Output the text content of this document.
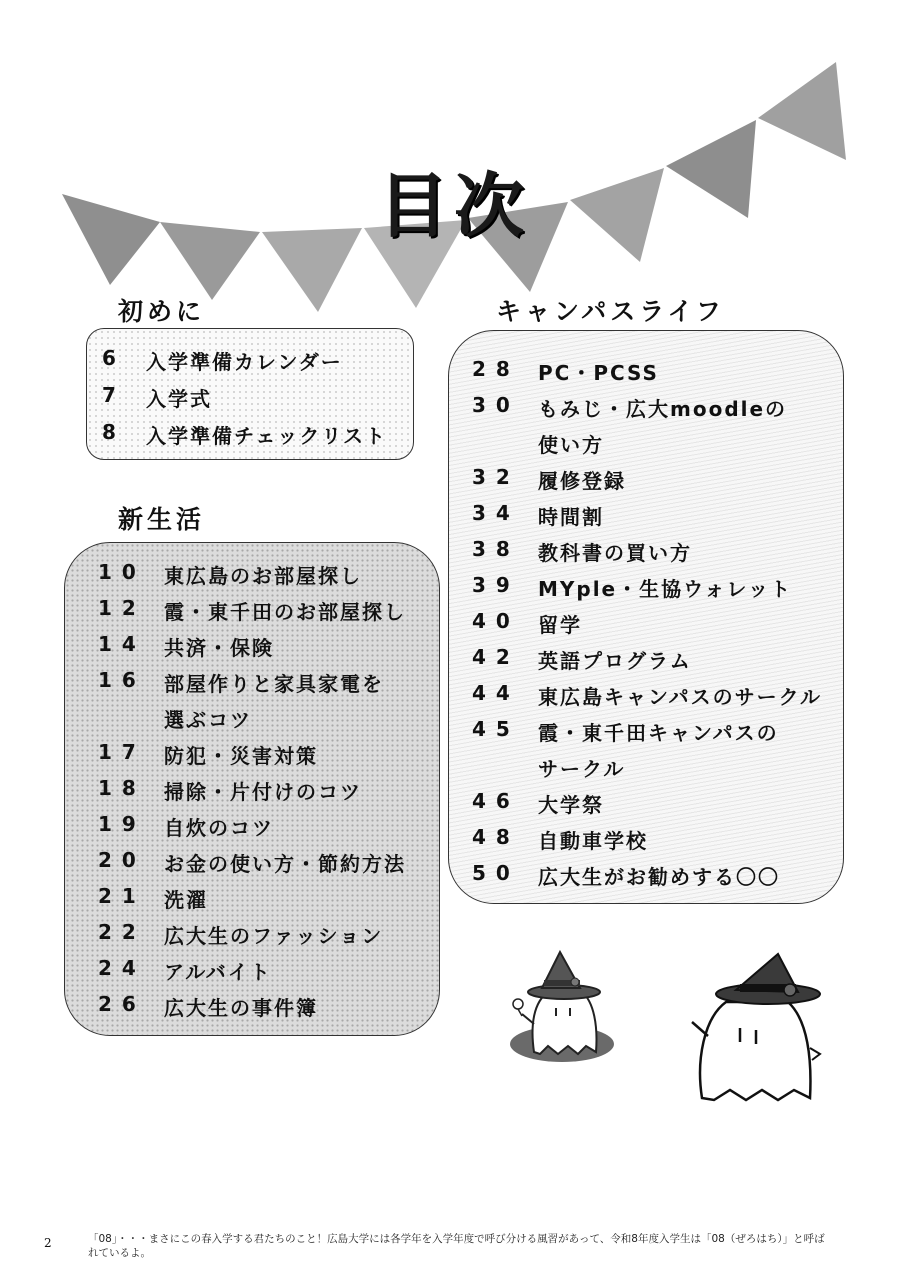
目次
初めに
6 入学準備カレンダー
7 入学式
8 入学準備チェックリスト
新生活
10 東広島のお部屋探し
12 霞・東千田のお部屋探し
14 共済・保険
16 部屋作りと家具家電を
選ぶコツ
17 防犯・災害対策
18 掃除・片付けのコツ
19 自炊のコツ
20 お金の使い方・節約方法
21 洗濯
22 広大生のファッション
24 アルバイト
26 広大生の事件簿
キャンパスライフ
28 PC・PCSS
30 もみじ・広大moodleの
使い方
32 履修登録
34 時間割
38 教科書の買い方
39 MYple・生協ウォレット
40 留学
42 英語プログラム
44 東広島キャンパスのサークル
45 霞・東千田キャンパスの
サークル
46 大学祭
48 自動車学校
50 広大生がお勧めする〇〇
2	「08」・・・まさにこの春入学する君たちのこと！広島大学には各学年を入学年度で呼び分ける風習があって、令和8年度入学生は「08（ぜろはち）」と呼ばれているよ。
